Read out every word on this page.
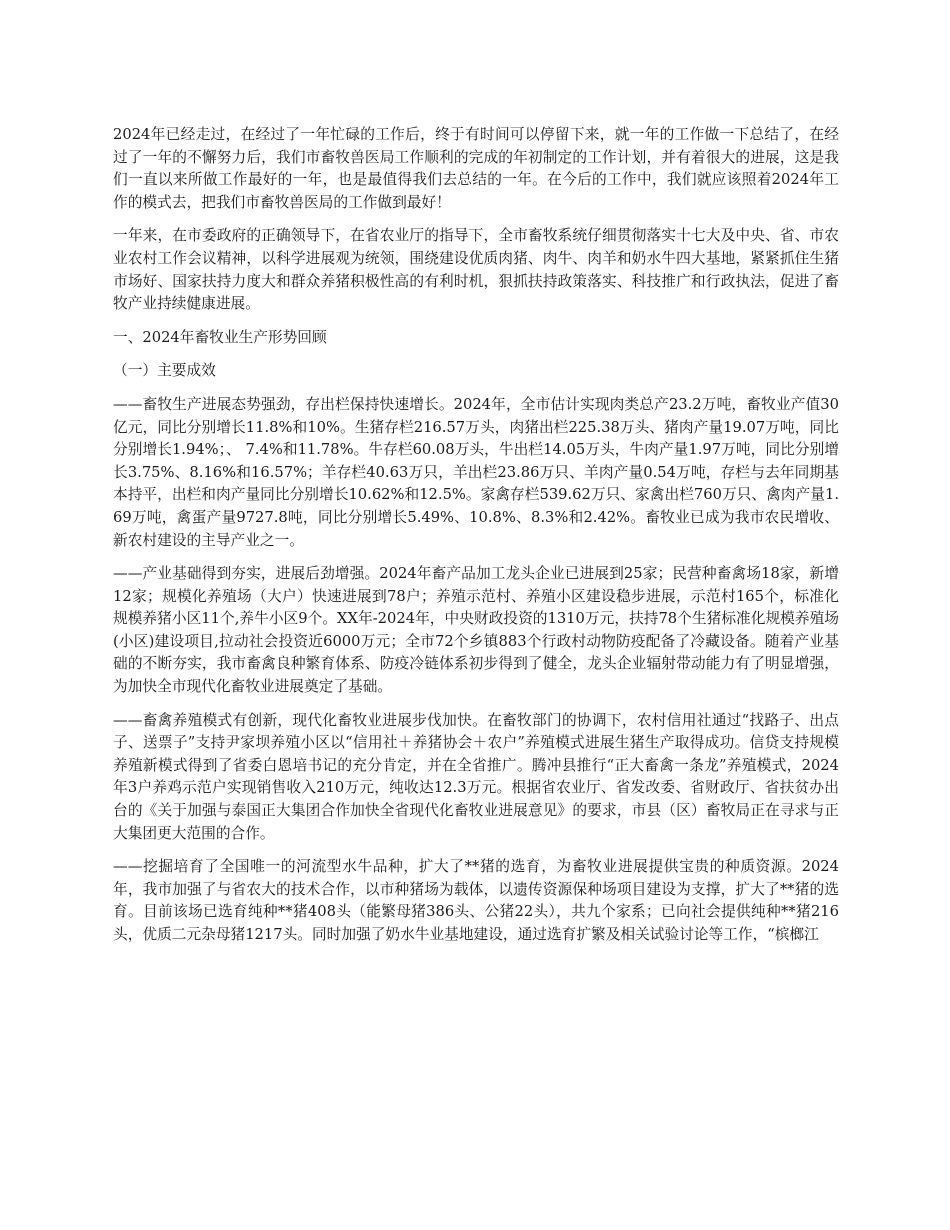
2024年已经走过，在经过了一年忙碌的工作后，终于有时间可以停留下来，就一年的工作做一下总结了，在经过了一年的不懈努力后，我们市畜牧兽医局工作顺利的完成的年初制定的工作计划，并有着很大的进展，这是我们一直以来所做工作最好的一年，也是最值得我们去总结的一年。在今后的工作中，我们就应该照着2024年工作的模式去，把我们市畜牧兽医局的工作做到最好！

一年来，在市委政府的正确领导下，在省农业厅的指导下，全市畜牧系统仔细贯彻落实十七大及中央、省、市农业农村工作会议精神，以科学进展观为统领，围绕建设优质肉猪、肉牛、肉羊和奶水牛四大基地，紧紧抓住生猪市场好、国家扶持力度大和群众养猪积极性高的有利时机，狠抓扶持政策落实、科技推广和行政执法，促进了畜牧产业持续健康进展。

一、2024年畜牧业生产形势回顾

（一）主要成效

——畜牧生产进展态势强劲，存出栏保持快速增长。2024年，全市估计实现肉类总产23.2万吨，畜牧业产值30亿元，同比分别增长11.8%和10%。生猪存栏216.57万头，肉猪出栏225.38万头、猪肉产量19.07万吨，同比分别增长1.94%；、 7.4%和11.78%。牛存栏60.08万头，牛出栏14.05万头，牛肉产量1.97万吨，同比分别增长3.75%、8.16%和16.57%；羊存栏40.63万只，羊出栏23.86万只、羊肉产量0.54万吨，存栏与去年同期基本持平，出栏和肉产量同比分别增长10.62%和12.5%。家禽存栏539.62万只、家禽出栏760万只、禽肉产量1.69万吨，禽蛋产量9727.8吨，同比分别增长5.49%、10.8%、8.3%和2.42%。畜牧业已成为我市农民增收、新农村建设的主导产业之一。

——产业基础得到夯实，进展后劲增强。2024年畜产品加工龙头企业已进展到25家；民营种畜禽场18家，新增12家；规模化养殖场（大户）快速进展到78户；养殖示范村、养殖小区建设稳步进展，示范村165个，标准化规模养猪小区11个,养牛小区9个。XX年-2024年，中央财政投资的1310万元，扶持78个生猪标准化规模养殖场(小区)建设项目,拉动社会投资近6000万元；全市72个乡镇883个行政村动物防疫配备了冷藏设备。随着产业基础的不断夯实，我市畜禽良种繁育体系、防疫冷链体系初步得到了健全，龙头企业辐射带动能力有了明显增强，为加快全市现代化畜牧业进展奠定了基础。

——畜禽养殖模式有创新，现代化畜牧业进展步伐加快。在畜牧部门的协调下，农村信用社通过“找路子、出点子、送票子”支持尹家坝养殖小区以“信用社＋养猪协会＋农户”养殖模式进展生猪生产取得成功。信贷支持规模养殖新模式得到了省委白恩培书记的充分肯定，并在全省推广。腾冲县推行“正大畜禽一条龙”养殖模式，2024年3户养鸡示范户实现销售收入210万元，纯收达12.3万元。根据省农业厅、省发改委、省财政厅、省扶贫办出台的《关于加强与泰国正大集团合作加快全省现代化畜牧业进展意见》的要求，市县（区）畜牧局正在寻求与正大集团更大范围的合作。

——挖掘培育了全国唯一的河流型水牛品种，扩大了**猪的选育，为畜牧业进展提供宝贵的种质资源。2024年，我市加强了与省农大的技术合作，以市种猪场为载体，以遗传资源保种场项目建设为支撑，扩大了**猪的选育。目前该场已选育纯种**猪408头（能繁母猪386头、公猪22头），共九个家系；已向社会提供纯种**猪216头，优质二元杂母猪1217头。同时加强了奶水牛业基地建设，通过选育扩繁及相关试验讨论等工作，“槟榔江
